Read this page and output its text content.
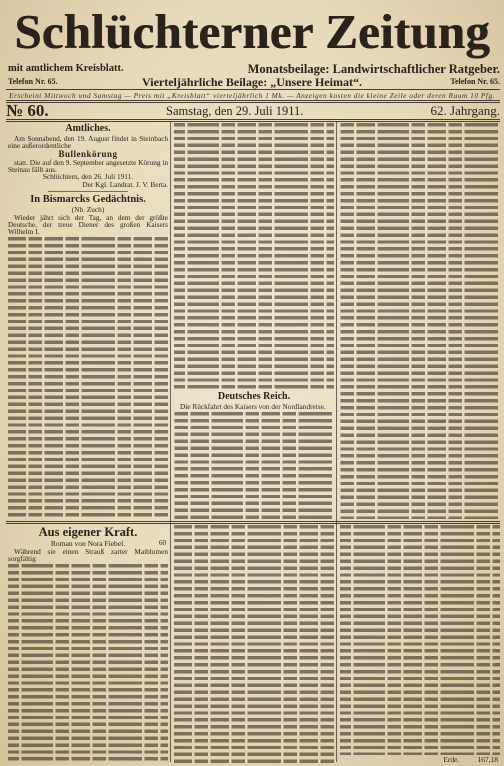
Schlüchterner Zeitung
mit amtlichem Kreisblatt.	Monatsbeilage: Landwirtschaftlicher Ratgeber.
Telefon Nr. 65.	Vierteljährliche Beilage: „Unsere Heimat“.	Telefon Nr. 65.
Erscheint Mittwoch und Samstag — Preis mit „Kreisblatt“ vierteljährlich 1 Mk. — Anzeigen kosten die kleine Zeile oder deren Raum 10 Pfg.
№ 60.	Samstag, den 29. Juli 1911.	62. Jahrgang.
Amtliches.
Am Sonnabend, den 19. August findet in Steinbach eine außerordentliche
Bullenkörung
statt. Die auf den 9. September angesetzte Körung in Steinau fällt aus.
Schlüchtern, den 26. Juli 1911.
Der Kgl. Landrat. J. V. Berta.
In Bismarcks Gedächtnis.
(Nb. Zuch)
Wieder jährt sich der Tag, an dem der größte Deutsche, der treue Diener des großen Kaisers Wilhelm I.
Deutsches Reich.
Die Rückfahrt des Kaisers von der Nordlandreise.
Aus eigener Kraft.
Roman von Nora Fiebel.	60
Während sie einen Strauß zarter Maiblumen sorgfältig
Erde. 167,18
